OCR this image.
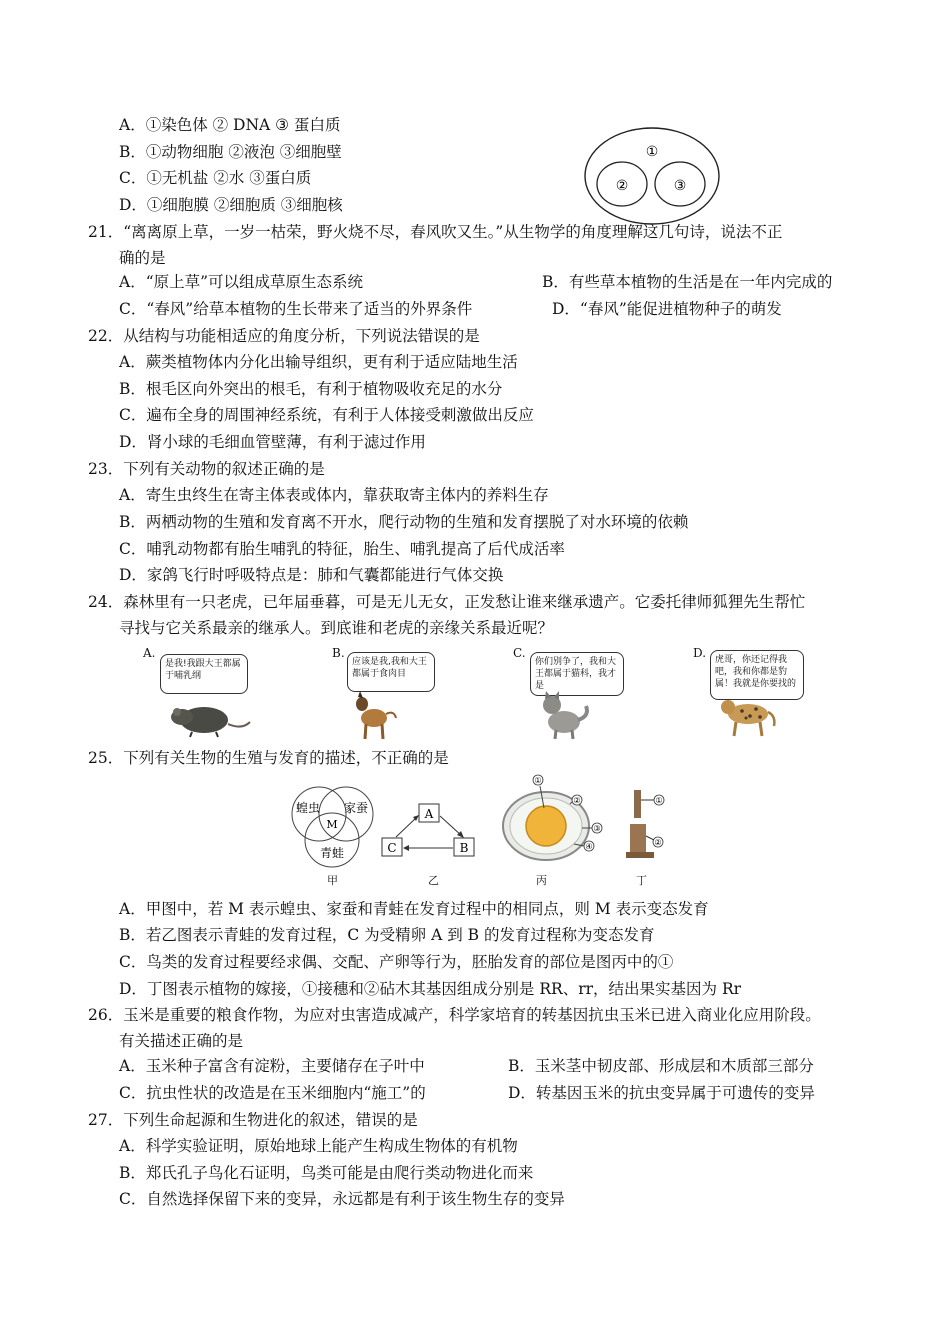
A．①染色体 ② DNA ③ 蛋白质
B．①动物细胞 ②液泡 ③细胞壁
C．①无机盐 ②水 ③蛋白质
D．①细胞膜 ②细胞质 ③细胞核
①
②	③
21．“离离原上草，一岁一枯荣，野火烧不尽，春风吹又生。”从生物学的角度理解这几句诗，说法不正
确的是
A．“原上草”可以组成草原生态系统	B．有些草本植物的生活是在一年内完成的
C．“春风”给草本植物的生长带来了适当的外界条件	D．“春风”能促进植物种子的萌发
22．从结构与功能相适应的角度分析，下列说法错误的是
A．蕨类植物体内分化出输导组织，更有利于适应陆地生活
B．根毛区向外突出的根毛，有利于植物吸收充足的水分
C．遍布全身的周围神经系统，有利于人体接受刺激做出反应
D．肾小球的毛细血管壁薄，有利于滤过作用
23．下列有关动物的叙述正确的是
A．寄生虫终生在寄主体表或体内，靠获取寄主体内的养料生存
B．两栖动物的生殖和发育离不开水，爬行动物的生殖和发育摆脱了对水环境的依赖
C．哺乳动物都有胎生哺乳的特征，胎生、哺乳提高了后代成活率
D．家鸽飞行时呼吸特点是：肺和气囊都能进行气体交换
24．森林里有一只老虎，已年届垂暮，可是无儿无女，正发愁让谁来继承遗产。它委托律师狐狸先生帮忙
寻找与它关系最亲的继承人。到底谁和老虎的亲缘关系最近呢？
A.
是我!我跟大王都属于哺乳纲
B.
应该是我,我和大王都属于食肉目
C.
你们别争了，我和大王都属于猫科，我才是
D. 虎哥，你还记得我吧，我和你都是豹属！我就是你要找的
25．下列有关生物的生殖与发育的描述，不正确的是
蝗虫 家蚕
青蛙
M
A
C	B
①
②
③
④
①
②
甲	乙	丙	丁
A．甲图中，若 M 表示蝗虫、家蚕和青蛙在发育过程中的相同点，则 M 表示变态发育
B．若乙图表示青蛙的发育过程，C 为受精卵 A 到 B 的发育过程称为变态发育
C．鸟类的发育过程要经求偶、交配、产卵等行为，胚胎发育的部位是图丙中的①
D．丁图表示植物的嫁接，①接穗和②砧木其基因组成分别是 RR、rr，结出果实基因为 Rr
26．玉米是重要的粮食作物，为应对虫害造成减产，科学家培育的转基因抗虫玉米已进入商业化应用阶段。
有关描述正确的是
A．玉米种子富含有淀粉，主要储存在子叶中	B．玉米茎中韧皮部、形成层和木质部三部分
C．抗虫性状的改造是在玉米细胞内“施工”的	D．转基因玉米的抗虫变异属于可遗传的变异
27．下列生命起源和生物进化的叙述，错误的是
A．科学实验证明，原始地球上能产生构成生物体的有机物
B．郑氏孔子鸟化石证明，鸟类可能是由爬行类动物进化而来
C．自然选择保留下来的变异，永远都是有利于该生物生存的变异
